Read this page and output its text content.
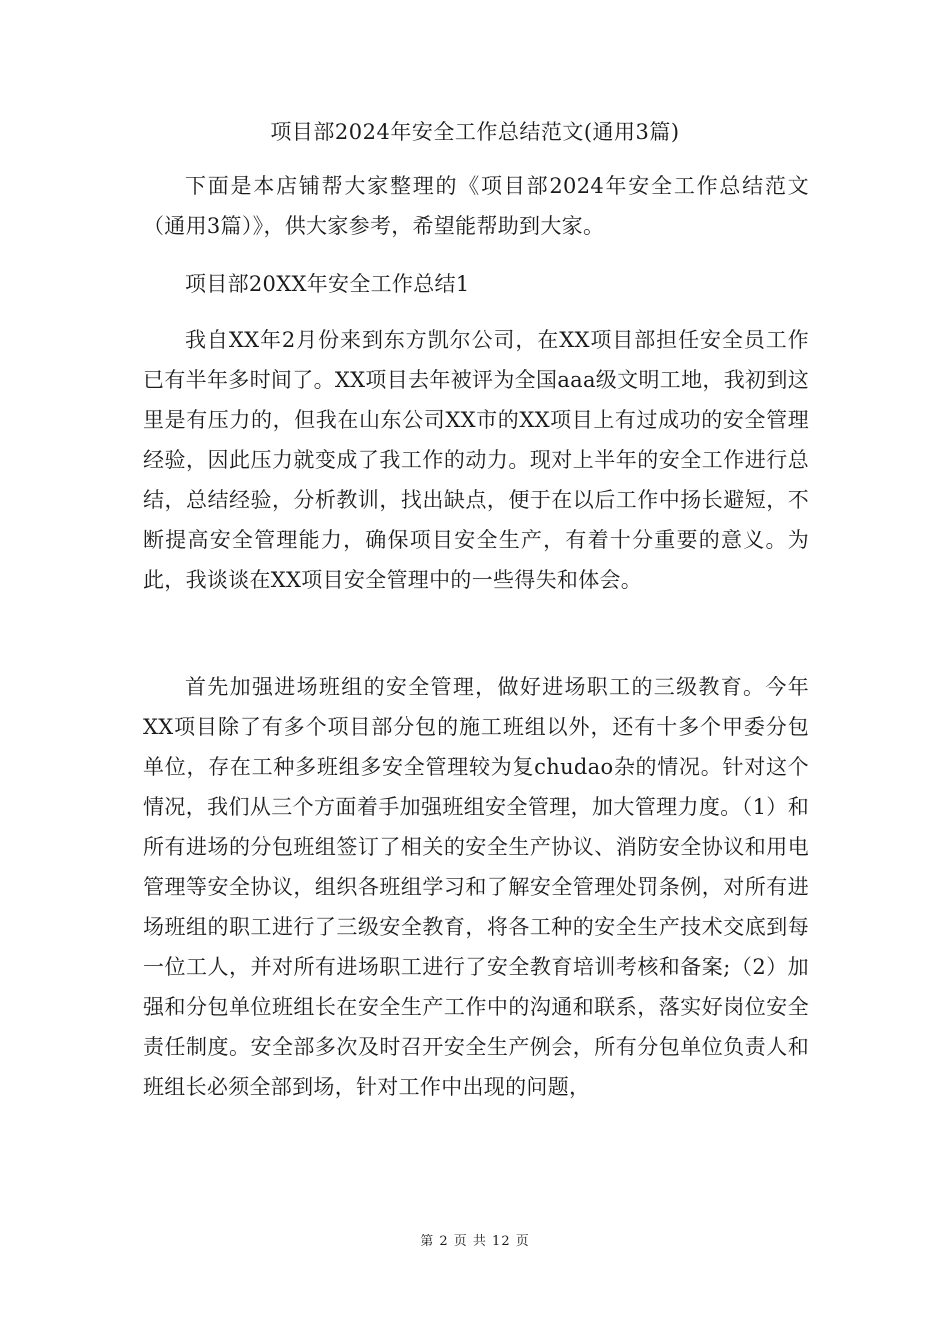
项目部2024年安全工作总结范文(通用3篇)

下面是本店铺帮大家整理的《项目部2024年安全工作总结范文（通用3篇）》，供大家参考，希望能帮助到大家。

项目部20XX年安全工作总结1

我自XX年2月份来到东方凯尔公司，在XX项目部担任安全员工作已有半年多时间了。XX项目去年被评为全国aaa级文明工地，我初到这里是有压力的，但我在山东公司XX市的XX项目上有过成功的安全管理经验，因此压力就变成了我工作的动力。现对上半年的安全工作进行总结，总结经验，分析教训，找出缺点，便于在以后工作中扬长避短，不断提高安全管理能力，确保项目安全生产，有着十分重要的意义。为此，我谈谈在XX项目安全管理中的一些得失和体会。

首先加强进场班组的安全管理，做好进场职工的三级教育。今年XX项目除了有多个项目部分包的施工班组以外，还有十多个甲委分包单位，存在工种多班组多安全管理较为复chudao杂的情况。针对这个情况，我们从三个方面着手加强班组安全管理，加大管理力度。（1）和所有进场的分包班组签订了相关的安全生产协议、消防安全协议和用电管理等安全协议，组织各班组学习和了解安全管理处罚条例，对所有进场班组的职工进行了三级安全教育，将各工种的安全生产技术交底到每一位工人，并对所有进场职工进行了安全教育培训考核和备案;（2）加强和分包单位班组长在安全生产工作中的沟通和联系，落实好岗位安全责任制度。安全部多次及时召开安全生产例会，所有分包单位负责人和班组长必须全部到场，针对工作中出现的问题，

第 2 页 共 12 页
